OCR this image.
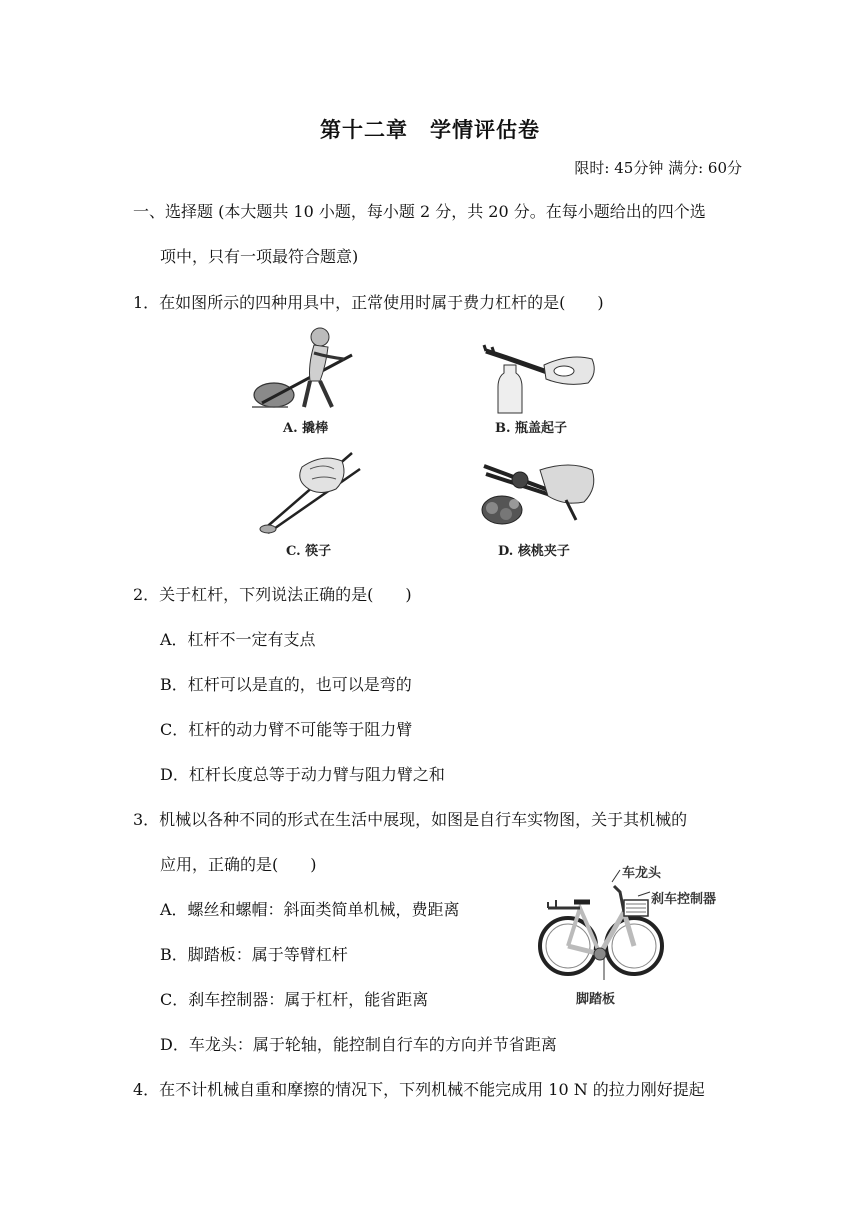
第十二章　学情评估卷
限时: 45分钟 满分: 60分
一、选择题 (本大题共 10 小题，每小题 2 分，共 20 分。在每小题给出的四个选
项中，只有一项最符合题意)
1．在如图所示的四种用具中，正常使用时属于费力杠杆的是(　　)
A. 撬棒	B. 瓶盖起子
C. 筷子	D. 核桃夹子
2．关于杠杆，下列说法正确的是(　　)
A．杠杆不一定有支点
B．杠杆可以是直的，也可以是弯的
C．杠杆的动力臂不可能等于阻力臂
D．杠杆长度总等于动力臂与阻力臂之和
3．机械以各种不同的形式在生活中展现，如图是自行车实物图，关于其机械的
应用，正确的是(　　)
A．螺丝和螺帽：斜面类简单机械，费距离
B．脚踏板：属于等臂杠杆
C．刹车控制器：属于杠杆，能省距离
D．车龙头：属于轮轴，能控制自行车的方向并节省距离
车龙头
刹车控制器
脚踏板
4．在不计机械自重和摩擦的情况下，下列机械不能完成用 10 N 的拉力刚好提起
